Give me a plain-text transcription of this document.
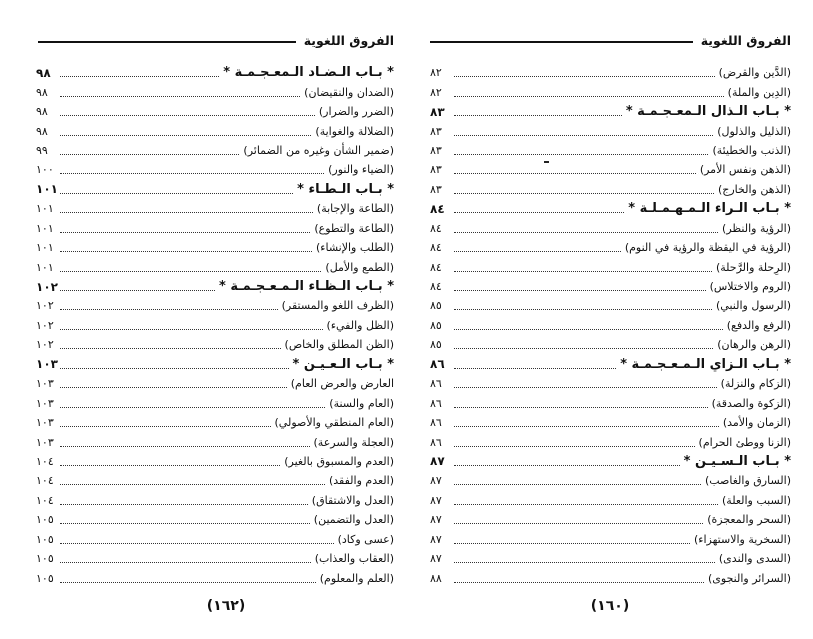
الفروق اللغوية
* بـاب الـضـاد الـمعـجـمـة *
٩٨
(الضدان والنقيضان)
٩٨
(الضرر والضرار)
٩٨
(الضلالة والغواية)
٩٨
(ضمير الشأن وغيره من الضمائر)
٩٩
(الضياء والنور)
١٠٠
* بـاب الـطـاء *
١٠١
(الطاعة والإجابة)
١٠١
(الطاعة والتطوع)
١٠١
(الطلب والإنشاء)
١٠١
(الطمع والأمل)
١٠١
* بـاب الـظـاء الـمـعـجـمـة *
١٠٢
(الظرف اللغو والمستقر)
١٠٢
(الظل والفيء)
١٠٢
(الظن المطلق والخاص)
١٠٢
* بـاب الـعـيـن *
١٠٣
العارض والعرض العام)
١٠٣
(العام والسنة)
١٠٣
(العام المنطقي والأصولي)
١٠٣
(العجلة والسرعة)
١٠٣
(العدم والمسبوق بالغير)
١٠٤
(العدم والفقد)
١٠٤
(العدل والاشتقاق)
١٠٤
(العدل والتضمين)
١٠٥
(عسى وكاد)
١٠٥
(العقاب والعذاب)
١٠٥
(العلم والمعلوم)
١٠٥
(١٦٢)
الفروق اللغوية
(الدَّين والقرض)
٨٢
(الدِين والملة)
٨٢
* بـاب الـذال الـمعـجـمـة *
٨٣
(الذليل والذلول)
٨٣
(الذنب والخطيئة)
٨٣
(الذهن ونفس الأمر)
٨٣
(الذهن والخارج)
٨٣
* بـاب الـراء الـمـهـمـلـة *
٨٤
(الرؤية والنظر)
٨٤
(الرؤية في اليقظة والرؤية في النوم)
٨٤
(الرِحلة والرَّحلة)
٨٤
(الروم والاختلاس)
٨٤
(الرسول والنبي)
٨٥
(الرفع والدفع)
٨٥
(الرهن والرهان)
٨٥
* بـاب الـزاي الـمـعـجـمـة *
٨٦
(الزكام والنزلة)
٨٦
(الزكوة والصدقة)
٨٦
(الزمان والأمد)
٨٦
(الزنا ووطئ الحرام)
٨٦
* بـاب الـسـيـن *
٨٧
(السارق والغاصب)
٨٧
(السبب والعلة)
٨٧
(السحر والمعجزة)
٨٧
(السخرية والاستهزاء)
٨٧
(السدى والندى)
٨٧
(السرائر والنجوى)
٨٨
(١٦٠)
